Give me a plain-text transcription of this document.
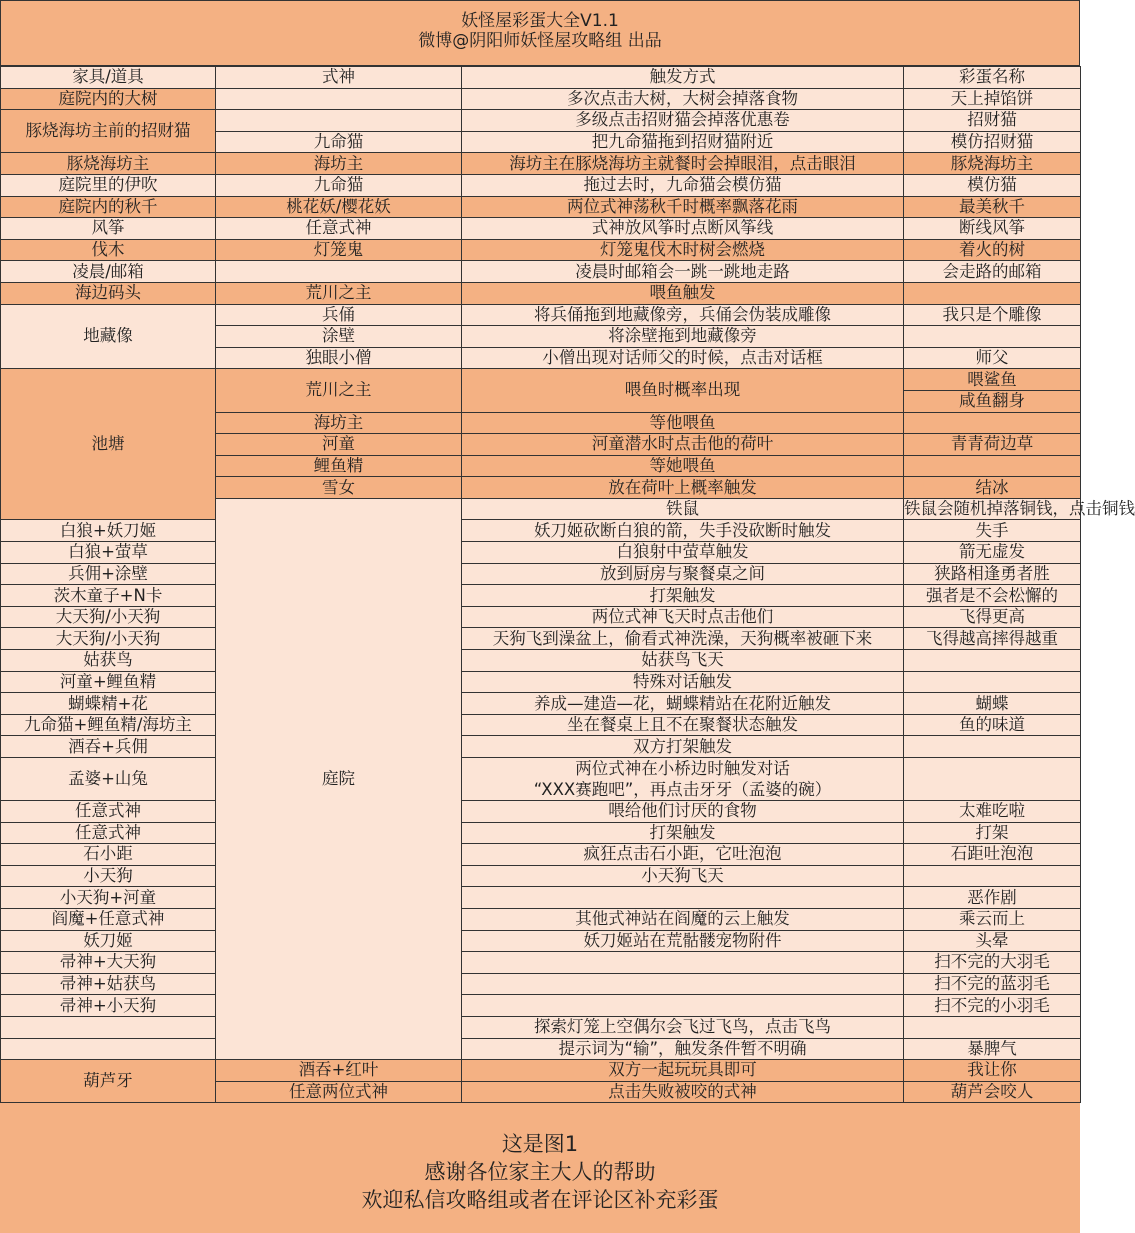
妖怪屋彩蛋大全V1.1
微博@阴阳师妖怪屋攻略组 出品
家具/道具	式神	触发方式	彩蛋名称	
庭院内的大树		多次点击大树，大树会掉落食物	天上掉馅饼	
豚烧海坊主前的招财猫		多级点击招财猫会掉落优惠卷	招财猫	
	九命猫	把九命猫拖到招财猫附近	模仿招财猫	
豚烧海坊主	海坊主	海坊主在豚烧海坊主就餐时会掉眼泪，点击眼泪	豚烧海坊主	
庭院里的伊吹	九命猫	拖过去时，九命猫会模仿猫	模仿猫	
庭院内的秋千	桃花妖/樱花妖	两位式神荡秋千时概率飘落花雨	最美秋千	
风筝	任意式神	式神放风筝时点断风筝线	断线风筝	
伐木	灯笼鬼	灯笼鬼伐木时树会燃烧	着火的树	
凌晨/邮箱		凌晨时邮箱会一跳一跳地走路	会走路的邮箱	
海边码头	荒川之主	喂鱼触发		
地藏像	兵俑	将兵俑拖到地藏像旁，兵俑会伪装成雕像	我只是个雕像	
	涂壁	将涂壁拖到地藏像旁		
	独眼小僧	小僧出现对话师父的时候，点击对话框	师父	
池塘	荒川之主	喂鱼时概率出现	喂鲨鱼	
			咸鱼翻身	
	海坊主	等他喂鱼		
	河童	河童潜水时点击他的荷叶	青青荷边草	
	鲤鱼精	等她喂鱼		
	雪女	放在荷叶上概率触发	结冰	
	庭院	铁鼠	铁鼠会随机掉落铜钱，点击铜钱	
白狼+妖刀姬		妖刀姬砍断白狼的箭，失手没砍断时触发	失手	
白狼+萤草		白狼射中萤草触发	箭无虚发	
兵佣+涂壁		放到厨房与聚餐桌之间	狭路相逢勇者胜	
茨木童子+N卡		打架触发	强者是不会松懈的	
大天狗/小天狗		两位式神飞天时点击他们	飞得更高	
大天狗/小天狗		天狗飞到澡盆上，偷看式神洗澡，天狗概率被砸下来	飞得越高摔得越重	
姑获鸟		姑获鸟飞天		
河童+鲤鱼精		特殊对话触发		
蝴蝶精+花		养成—建造—花，蝴蝶精站在花附近触发	蝴蝶	
九命猫+鲤鱼精/海坊主		坐在餐桌上且不在聚餐状态触发	鱼的味道	
酒吞+兵佣		双方打架触发		
孟婆+山兔		两位式神在小桥边时触发对话
“XXX赛跑吧”，再点击牙牙（孟婆的碗）		

任意式神		喂给他们讨厌的食物	太难吃啦	
任意式神		打架触发	打架	
石小距		疯狂点击石小距，它吐泡泡	石距吐泡泡	
小天狗		小天狗飞天		
小天狗+河童			恶作剧	
阎魔+任意式神		其他式神站在阎魔的云上触发	乘云而上	
妖刀姬		妖刀姬站在荒骷髅宠物附件	头晕	
帚神+大天狗			扫不完的大羽毛	
帚神+姑获鸟			扫不完的蓝羽毛	
帚神+小天狗			扫不完的小羽毛	
		探索灯笼上空偶尔会飞过飞鸟，点击飞鸟		
		提示词为“输”，触发条件暂不明确	暴脾气	
葫芦牙	酒吞+红叶	双方一起玩玩具即可	我让你	
	任意两位式神	点击失败被咬的式神	葫芦会咬人	
这是图1
感谢各位家主大人的帮助
欢迎私信攻略组或者在评论区补充彩蛋
